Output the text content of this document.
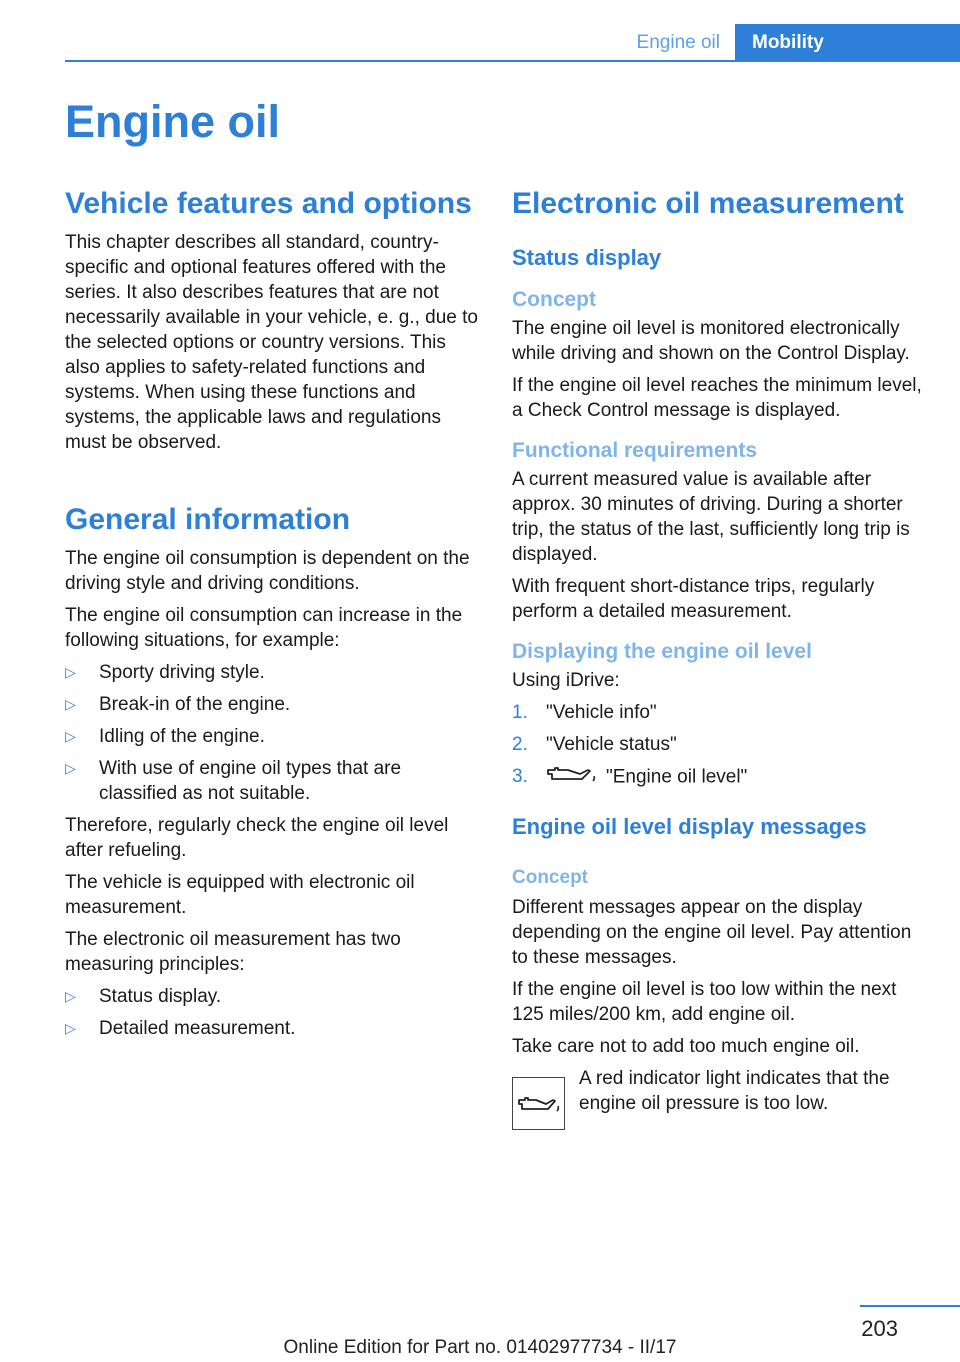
Engine oil	Mobility
Engine oil
Vehicle features and options

This chapter describes all standard, country-specific and optional features offered with the series. It also describes features that are not necessarily available in your vehicle, e. g., due to the selected options or country versions. This also applies to safety-related functions and systems. When using these functions and systems, the applicable laws and regulations must be observed.

General information

The engine oil consumption is dependent on the driving style and driving conditions.

The engine oil consumption can increase in the following situations, for example:

▷ Sporty driving style.
▷ Break-in of the engine.
▷ Idling of the engine.
▷ With use of engine oil types that are classified as not suitable.

Therefore, regularly check the engine oil level after refueling.

The vehicle is equipped with electronic oil measurement.

The electronic oil measurement has two measuring principles:

▷ Status display.
▷ Detailed measurement.
Electronic oil measurement
Status display
Concept

The engine oil level is monitored electronically while driving and shown on the Control Display.

If the engine oil level reaches the minimum level, a Check Control message is displayed.

Functional requirements

A current measured value is available after approx. 30 minutes of driving. During a shorter trip, the status of the last, sufficiently long trip is displayed.

With frequent short-distance trips, regularly perform a detailed measurement.

Displaying the engine oil level

Using iDrive:

1. "Vehicle info"
2. "Vehicle status"
3.	"Engine oil level"
Engine oil level display messages
Concept

Different messages appear on the display depending on the engine oil level. Pay attention to these messages.

If the engine oil level is too low within the next 125 miles/200 km, add engine oil.

Take care not to add too much engine oil.

A red indicator light indicates that the engine oil pressure is too low.

203
Online Edition for Part no. 01402977734 - II/17
